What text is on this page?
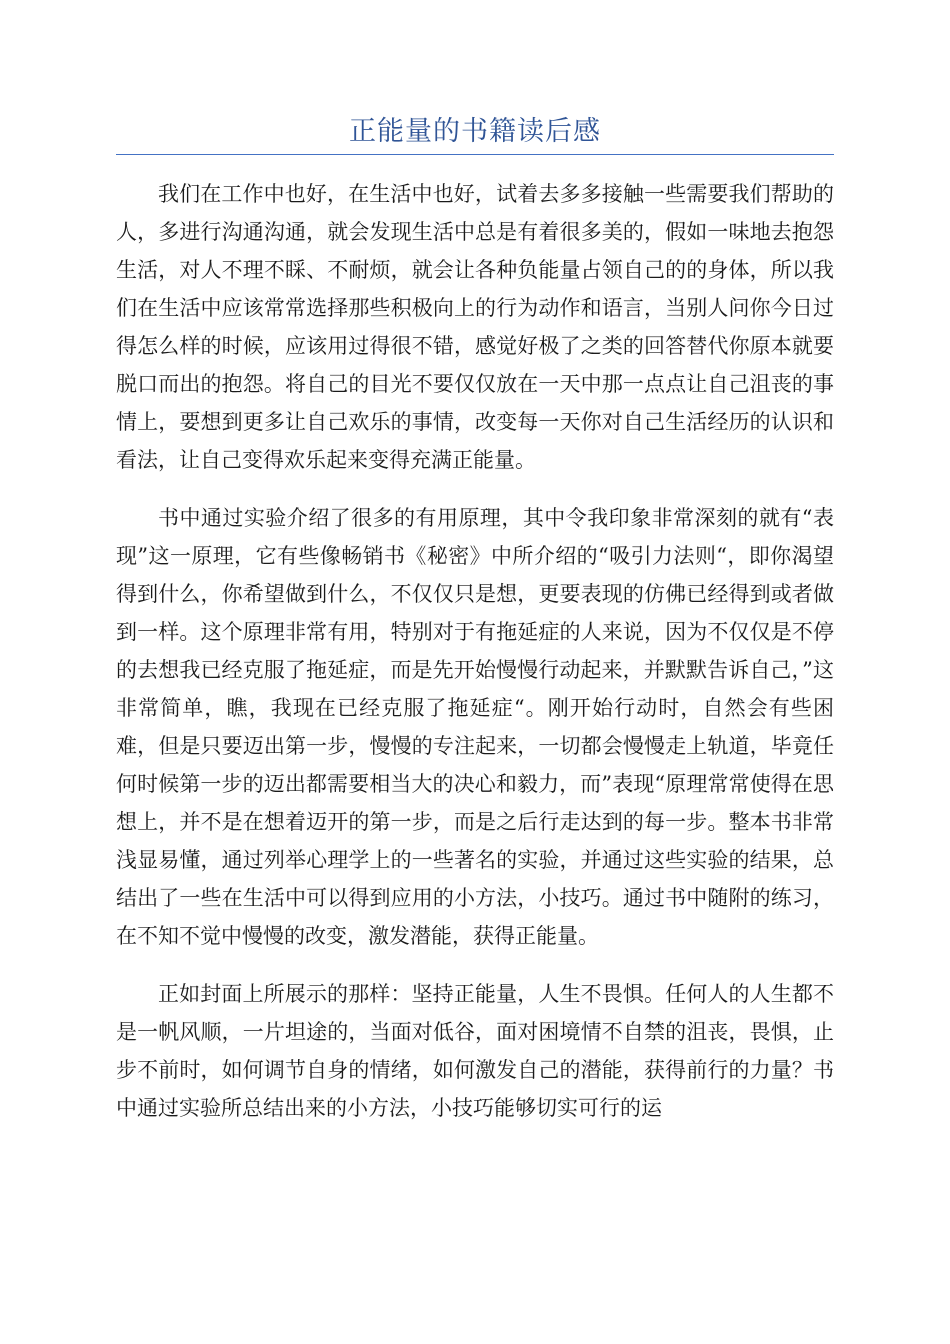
正能量的书籍读后感

我们在工作中也好，在生活中也好，试着去多多接触一些需要我们帮助的人，多进行沟通沟通，就会发现生活中总是有着很多美的，假如一味地去抱怨生活，对人不理不睬、不耐烦，就会让各种负能量占领自己的的身体，所以我们在生活中应该常常选择那些积极向上的行为动作和语言，当别人问你今日过得怎么样的时候，应该用过得很不错，感觉好极了之类的回答替代你原本就要脱口而出的抱怨。将自己的目光不要仅仅放在一天中那一点点让自己沮丧的事情上，要想到更多让自己欢乐的事情，改变每一天你对自己生活经历的认识和看法，让自己变得欢乐起来变得充满正能量。

书中通过实验介绍了很多的有用原理，其中令我印象非常深刻的就有“表现”这一原理，它有些像畅销书《秘密》中所介绍的“吸引力法则“，即你渴望得到什么，你希望做到什么，不仅仅只是想，更要表现的仿佛已经得到或者做到一样。这个原理非常有用，特别对于有拖延症的人来说，因为不仅仅是不停的去想我已经克服了拖延症，而是先开始慢慢行动起来，并默默告诉自己，”这非常简单，瞧，我现在已经克服了拖延症“。刚开始行动时，自然会有些困难，但是只要迈出第一步，慢慢的专注起来，一切都会慢慢走上轨道，毕竟任何时候第一步的迈出都需要相当大的决心和毅力，而”表现“原理常常使得在思想上，并不是在想着迈开的第一步，而是之后行走达到的每一步。整本书非常浅显易懂，通过列举心理学上的一些著名的实验，并通过这些实验的结果，总结出了一些在生活中可以得到应用的小方法，小技巧。通过书中随附的练习，在不知不觉中慢慢的改变，激发潜能，获得正能量。

正如封面上所展示的那样：坚持正能量，人生不畏惧。任何人的人生都不是一帆风顺，一片坦途的，当面对低谷，面对困境情不自禁的沮丧，畏惧，止步不前时，如何调节自身的情绪，如何激发自己的潜能，获得前行的力量？书中通过实验所总结出来的小方法，小技巧能够切实可行的运
